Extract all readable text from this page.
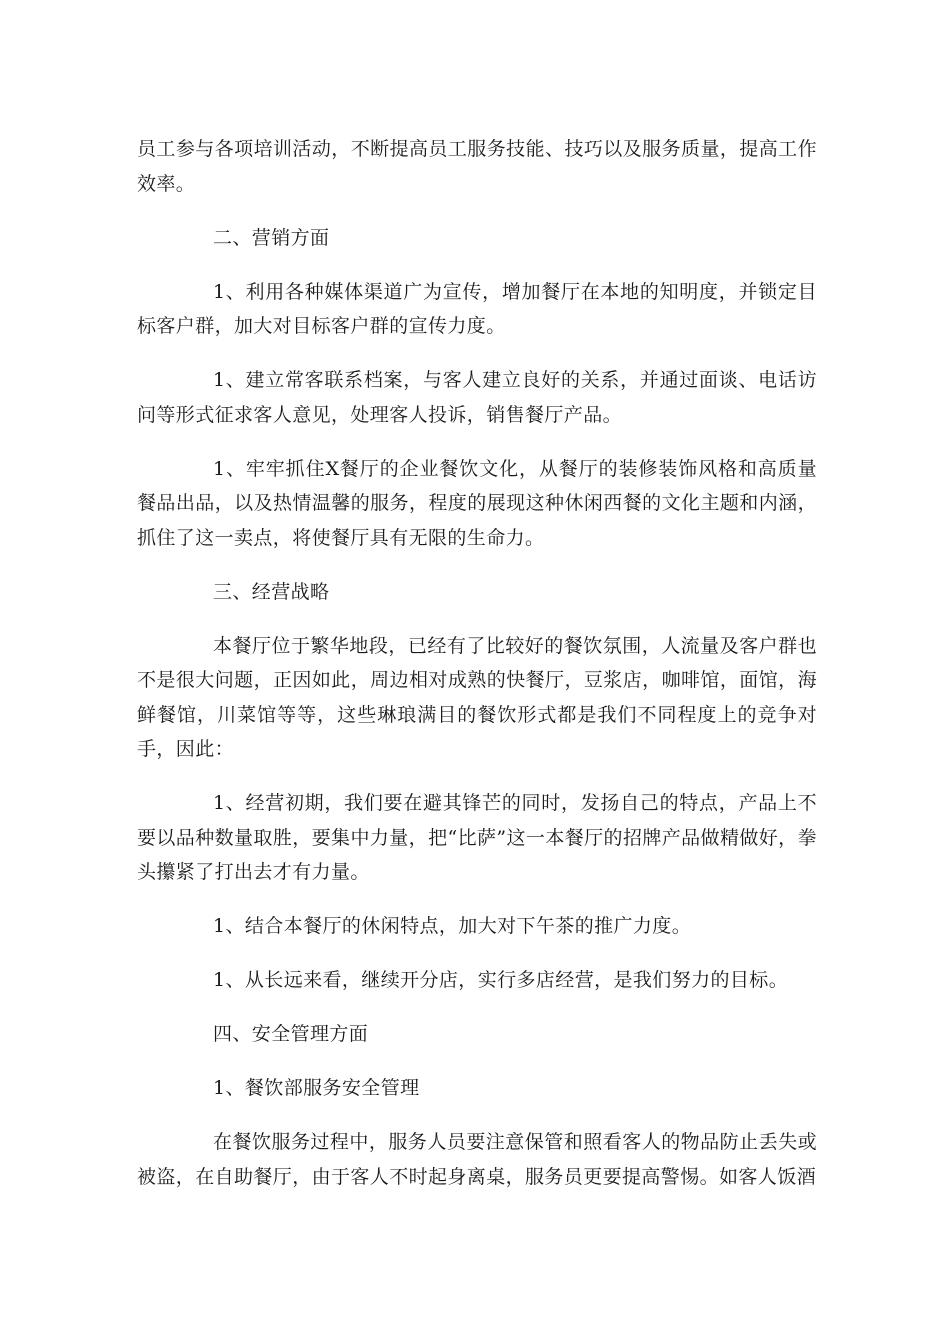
员工参与各项培训活动，不断提高员工服务技能、技巧以及服务质量，提高工作效率。

二、营销方面

1、利用各种媒体渠道广为宣传，增加餐厅在本地的知明度，并锁定目标客户群，加大对目标客户群的宣传力度。

1、建立常客联系档案，与客人建立良好的关系，并通过面谈、电话访问等形式征求客人意见，处理客人投诉，销售餐厅产品。

1、牢牢抓住X餐厅的企业餐饮文化，从餐厅的装修装饰风格和高质量餐品出品，以及热情温馨的服务，程度的展现这种休闲西餐的文化主题和内涵，抓住了这一卖点，将使餐厅具有无限的生命力。

三、经营战略

本餐厅位于繁华地段，已经有了比较好的餐饮氛围，人流量及客户群也不是很大问题，正因如此，周边相对成熟的快餐厅，豆浆店，咖啡馆，面馆，海鲜餐馆，川菜馆等等，这些琳琅满目的餐饮形式都是我们不同程度上的竞争对手，因此：

1、经营初期，我们要在避其锋芒的同时，发扬自己的特点，产品上不要以品种数量取胜，要集中力量，把“比萨”这一本餐厅的招牌产品做精做好，拳头攥紧了打出去才有力量。

1、结合本餐厅的休闲特点，加大对下午茶的推广力度。

1、从长远来看，继续开分店，实行多店经营，是我们努力的目标。

四、安全管理方面

1、餐饮部服务安全管理

在餐饮服务过程中，服务人员要注意保管和照看客人的物品防止丢失或被盗，在自助餐厅，由于客人不时起身离桌，服务员更要提高警惕。如客人饭酒
